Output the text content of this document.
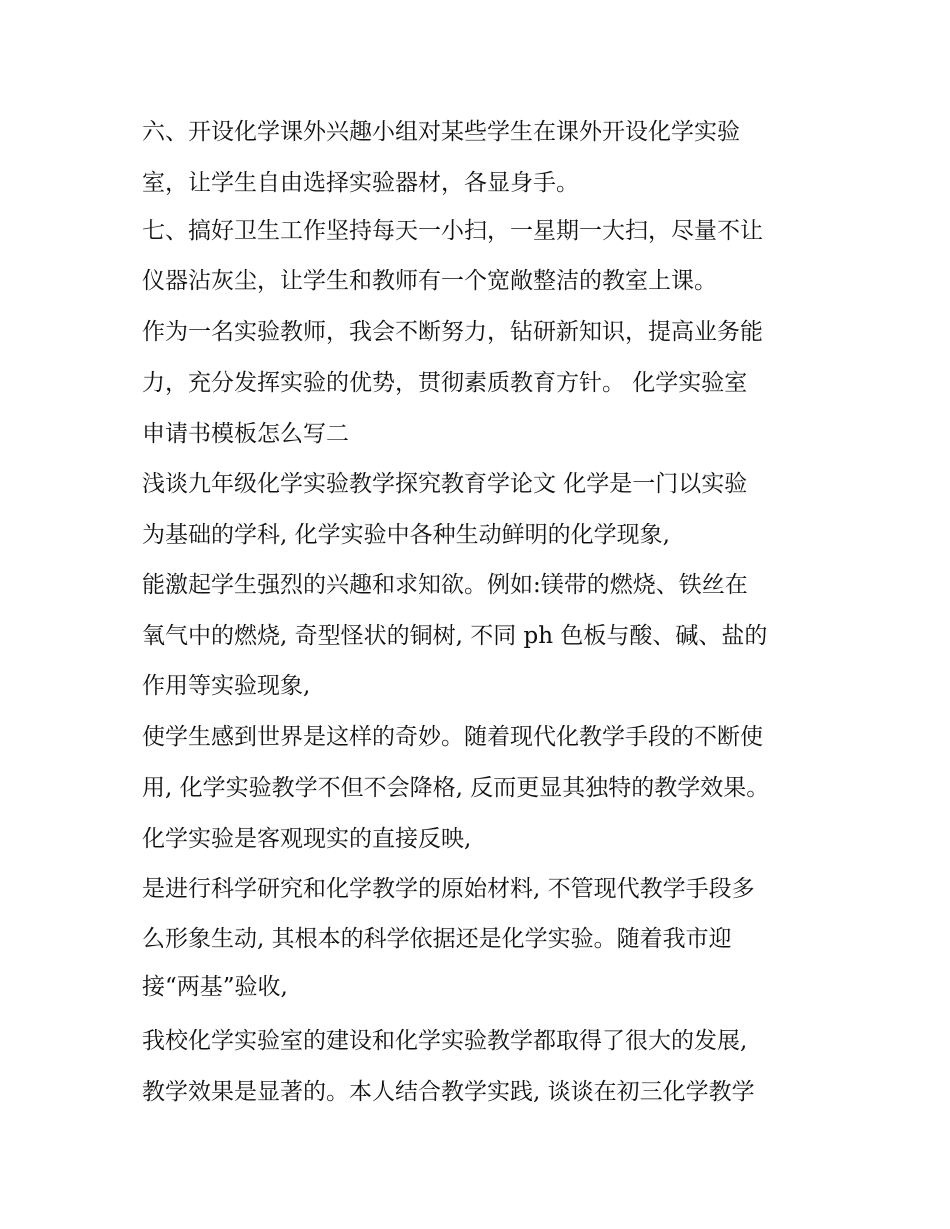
六、开设化学课外兴趣小组对某些学生在课外开设化学实验
室，让学生自由选择实验器材，各显身手。
七、搞好卫生工作坚持每天一小扫，一星期一大扫，尽量不让
仪器沾灰尘，让学生和教师有一个宽敞整洁的教室上课。
作为一名实验教师，我会不断努力，钻研新知识，提高业务能
力，充分发挥实验的优势，贯彻素质教育方针。 化学实验室
申请书模板怎么写二
浅谈九年级化学实验教学探究教育学论文 化学是一门以实验
为基础的学科, 化学实验中各种生动鲜明的化学现象,
能激起学生强烈的兴趣和求知欲。例如:镁带的燃烧、铁丝在
氧气中的燃烧, 奇型怪状的铜树, 不同 ph 色板与酸、碱、盐的
作用等实验现象,
使学生感到世界是这样的奇妙。随着现代化教学手段的不断使
用, 化学实验教学不但不会降格, 反而更显其独特的教学效果。
化学实验是客观现实的直接反映,
是进行科学研究和化学教学的原始材料, 不管现代教学手段多
么形象生动, 其根本的科学依据还是化学实验。随着我市迎
接“两基”验收,
我校化学实验室的建设和化学实验教学都取得了很大的发展,
教学效果是显著的。本人结合教学实践, 谈谈在初三化学教学
